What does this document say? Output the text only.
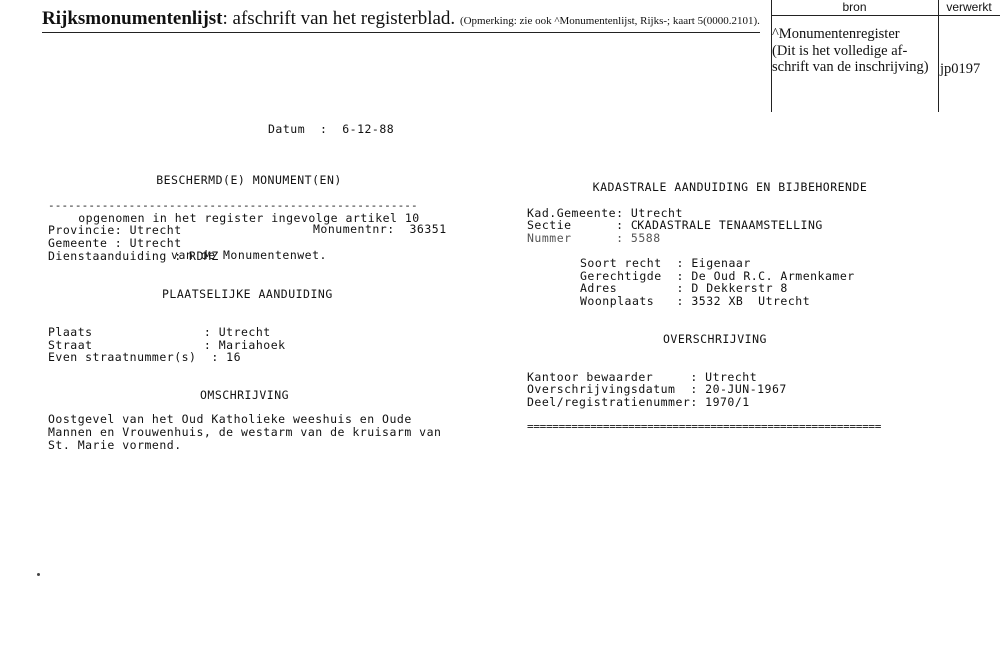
Rijksmonumentenlijst: afschrift van het registerblad. (Opmerking: zie ook ^Monumentenlijst, Rijks-; kaart 5(0000.2101).
bron	verwerkt
^Monumentenregister
(Dit is het volledige af-
schrift van de inschrijving) jp0197
Datum  :  6-12-88

BESCHERMD(E) MONUMENT(EN)

opgenomen in het register ingevolge artikel 10

van de Monumentenwet.

-------------------------------------------------------
Provincie: Utrecht	Monumentnr:  36351
Gemeente : Utrecht
Dienstaanduiding : RDMZ
PLAATSELIJKE AANDUIDING
Plaats               : Utrecht
Straat               : Mariahoek
Even straatnummer(s)  : 16
OMSCHRIJVING
Oostgevel van het Oud Katholieke weeshuis en Oude
Mannen en Vrouwenhuis, de westarm van de kruisarm van
St. Marie vormend.

KADASTRALE AANDUIDING EN BIJBEHORENDE

KADASTRALE TENAAMSTELLING

Kad.Gemeente: Utrecht
Sectie      : C
Nummer      : 5588
Soort recht  : Eigenaar
Gerechtigde  : De Oud R.C. Armenkamer
Adres        : D Dekkerstr 8
Woonplaats   : 3532 XB  Utrecht
OVERSCHRIJVING
Kantoor bewaarder     : Utrecht
Overschrijvingsdatum  : 20-JUN-1967
Deel/registratienummer: 1970/1
========================================================
